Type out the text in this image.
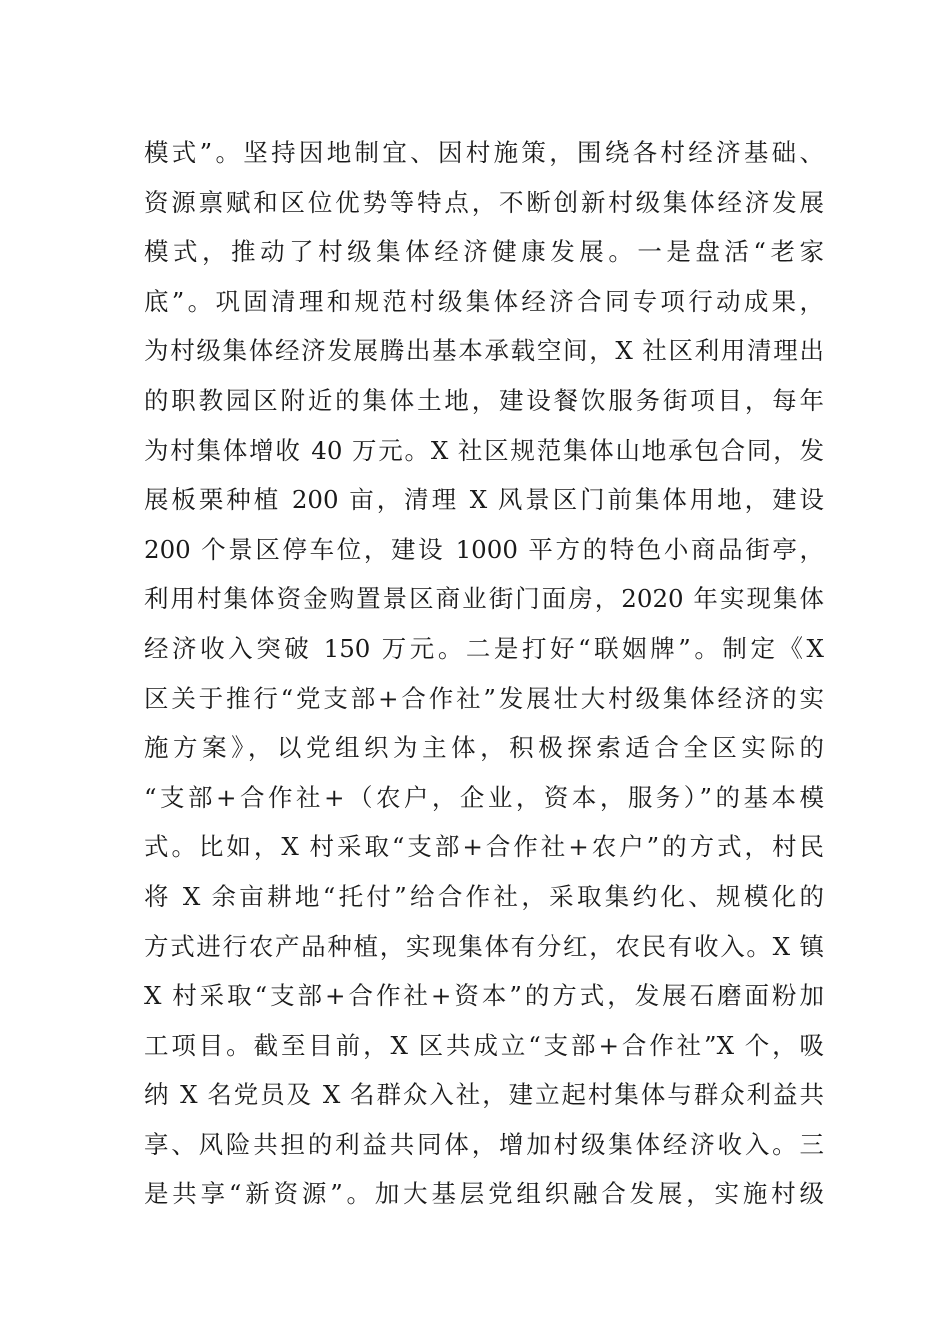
模式”。坚持因地制宜、因村施策，围绕各村经济基础、
资源禀赋和区位优势等特点，不断创新村级集体经济发展
模式，推动了村级集体经济健康发展。一是盘活“老家
底”。巩固清理和规范村级集体经济合同专项行动成果，
为村级集体经济发展腾出基本承载空间，X 社区利用清理出
的职教园区附近的集体土地，建设餐饮服务街项目，每年
为村集体增收 40 万元。X 社区规范集体山地承包合同，发
展板栗种植 200 亩，清理 X 风景区门前集体用地，建设
200 个景区停车位，建设 1000 平方的特色小商品街亭，
利用村集体资金购置景区商业街门面房，2020 年实现集体
经济收入突破 150 万元。二是打好“联姻牌”。制定《X
区关于推行“党支部+合作社”发展壮大村级集体经济的实
施方案》，以党组织为主体，积极探索适合全区实际的
“支部+合作社+（农户，企业，资本，服务）”的基本模
式。比如，X 村采取“支部+合作社+农户”的方式，村民
将 X 余亩耕地“托付”给合作社，采取集约化、规模化的
方式进行农产品种植，实现集体有分红，农民有收入。X 镇
X 村采取“支部+合作社+资本”的方式，发展石磨面粉加
工项目。截至目前，X 区共成立“支部+合作社”X 个，吸
纳 X 名党员及 X 名群众入社，建立起村集体与群众利益共
享、风险共担的利益共同体，增加村级集体经济收入。三
是共享“新资源”。加大基层党组织融合发展，实施村级
